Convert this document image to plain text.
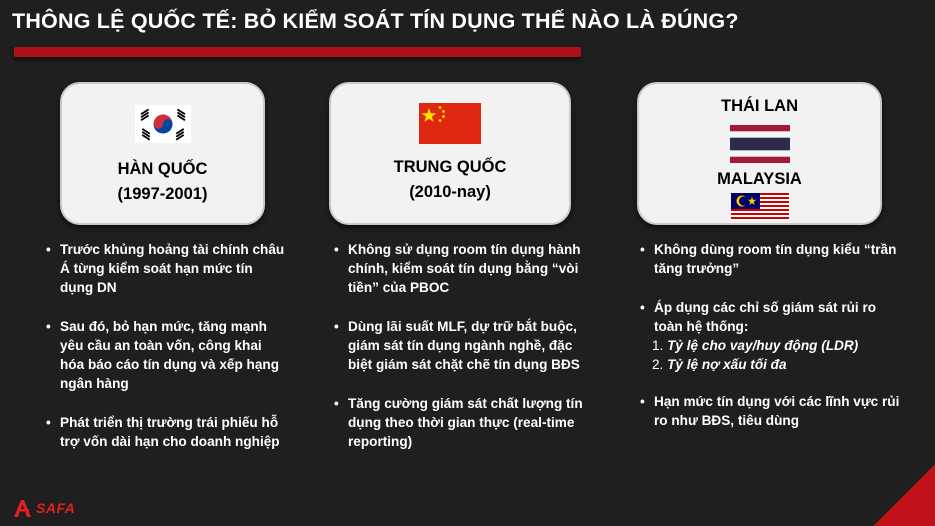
THÔNG LỆ QUỐC TẾ: BỎ KIỂM SOÁT TÍN DỤNG THẾ NÀO LÀ ĐÚNG?
HÀN QUỐC
(1997-2001)
TRUNG QUỐC
(2010-nay)
THÁI LAN
MALAYSIA
• Trước khủng hoảng tài chính châu Á từng kiểm soát hạn mức tín dụng DN
• Sau đó, bỏ hạn mức, tăng mạnh yêu cầu an toàn vốn, công khai hóa báo cáo tín dụng và xếp hạng ngân hàng
• Phát triển thị trường trái phiếu hỗ trợ vốn dài hạn cho doanh nghiệp
• Không sử dụng room tín dụng hành chính, kiểm soát tín dụng bằng “vòi tiền” của PBOC
• Dùng lãi suất MLF, dự trữ bắt buộc, giám sát tín dụng ngành nghề, đặc biệt giám sát chặt chẽ tín dụng BĐS
• Tăng cường giám sát chất lượng tín dụng theo thời gian thực (real-time reporting)
• Không dùng room tín dụng kiểu “trần tăng trưởng”
• Áp dụng các chỉ số giám sát rủi ro toàn hệ thống:
1. Tỷ lệ cho vay/huy động (LDR)
2. Tỷ lệ nợ xấu tối đa
• Hạn mức tín dụng với các lĩnh vực rủi ro như BĐS, tiêu dùng
SAFA
